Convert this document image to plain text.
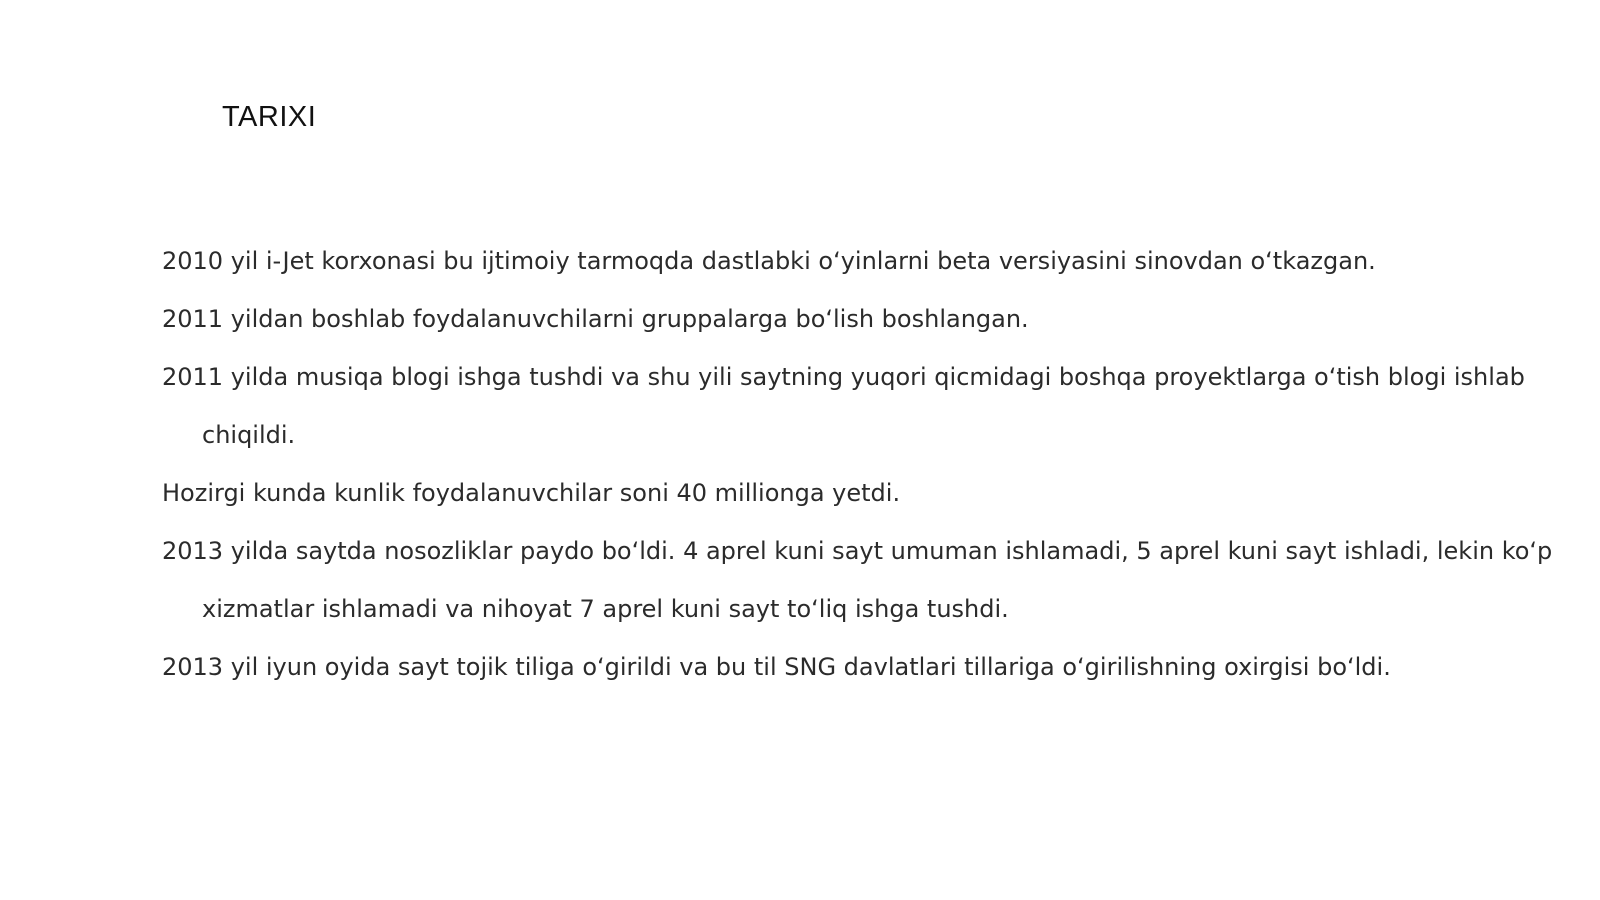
TARIXI
2010 yil i-Jet korxonasi bu ijtimoiy tarmoqda dastlabki o‘yinlarni beta versiyasini sinovdan o‘tkazgan.
2011 yildan boshlab foydalanuvchilarni gruppalarga bo‘lish boshlangan.
2011 yilda musiqa blogi ishga tushdi va shu yili saytning yuqori qicmidagi boshqa proyektlarga o‘tish blogi ishlab chiqildi.
Hozirgi kunda kunlik foydalanuvchilar soni 40 millionga yetdi.
2013 yilda saytda nosozliklar paydo bo‘ldi. 4 aprel kuni sayt umuman ishlamadi, 5 aprel kuni sayt ishladi, lekin ko‘p xizmatlar ishlamadi va nihoyat 7 aprel kuni sayt to‘liq ishga tushdi.
2013 yil iyun oyida sayt tojik tiliga o‘girildi va bu til SNG davlatlari tillariga o‘girilishning oxirgisi bo‘ldi.
